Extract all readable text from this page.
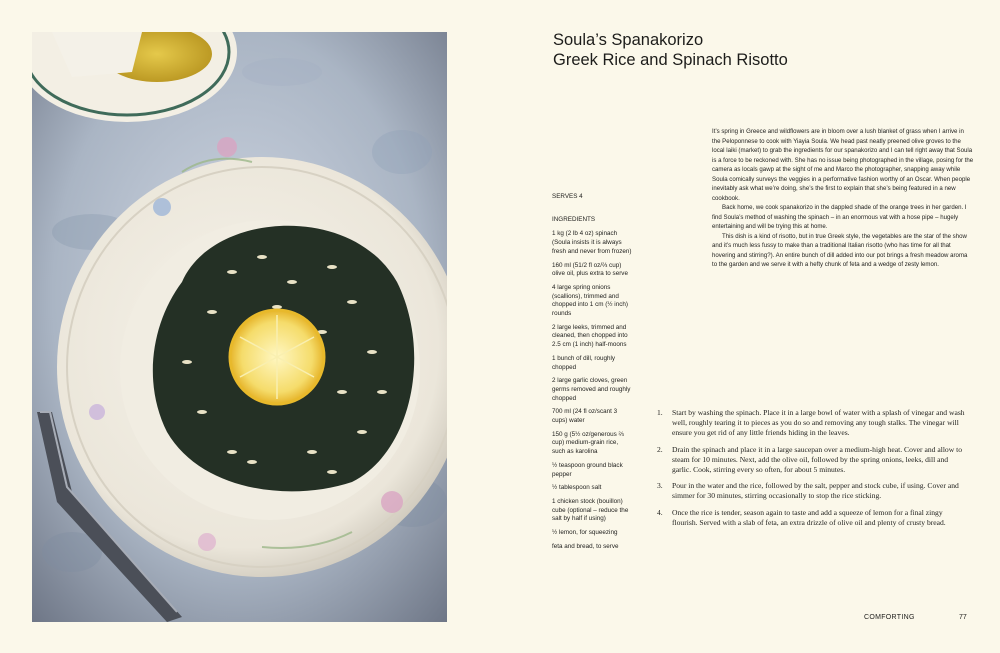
Soula’s Spanakorizo
Greek Rice and Spinach Risotto

It’s spring in Greece and wildflowers are in bloom over a lush blanket of grass when I arrive in the Peloponnese to cook with Yiayia Soula. We head past neatly preened olive groves to the local laiki (market) to grab the ingredients for our spanakorizo and I can tell right away that Soula is a force to be reckoned with. She has no issue being photographed in the village, posing for the camera as locals gawp at the sight of me and Marco the photographer, snapping away while Soula comically surveys the veggies in a performative fashion worthy of an Oscar. When people inevitably ask what we’re doing, she’s the first to explain that she’s being featured in a new cookbook.

Back home, we cook spanakorizo in the dappled shade of the orange trees in her garden. I find Soula’s method of washing the spinach – in an enormous vat with a hose pipe – hugely entertaining and will be trying this at home.

This dish is a kind of risotto, but in true Greek style, the vegetables are the star of the show and it’s much less fussy to make than a traditional Italian risotto (who has time for all that hovering and stirring?). An entire bunch of dill added into our pot brings a fresh meadow aroma to the garden and we serve it with a hefty chunk of feta and a wedge of zesty lemon.

SERVES 4
INGREDIENTS
1 kg (2 lb 4 oz) spinach (Soula insists it is always fresh and never from frozen)
160 ml (51/2 fl oz/⅔ cup) olive oil, plus extra to serve
4 large spring onions (scallions), trimmed and chopped into 1 cm (½ inch) rounds
2 large leeks, trimmed and cleaned, then chopped into 2.5 cm (1 inch) half-moons
1 bunch of dill, roughly chopped
2 large garlic cloves, green germs removed and roughly chopped
700 ml (24 fl oz/scant 3 cups) water
150 g (5½ oz/generous ⅔ cup) medium-grain rice, such as karolina
½ teaspoon ground black pepper
½ tablespoon salt
1 chicken stock (bouillon) cube (optional – reduce the salt by half if using)
½ lemon, for squeezing
feta and bread, to serve
1. Start by washing the spinach. Place it in a large bowl of water with a splash of vinegar and wash well, roughly tearing it to pieces as you do so and removing any tough stalks. The vinegar will ensure you get rid of any little friends hiding in the leaves.
2. Drain the spinach and place it in a large saucepan over a medium-high heat. Cover and allow to steam for 10 minutes. Next, add the olive oil, followed by the spring onions, leeks, dill and garlic. Cook, stirring every so often, for about 5 minutes.
3. Pour in the water and the rice, followed by the salt, pepper and stock cube, if using. Cover and simmer for 30 minutes, stirring occasionally to stop the rice sticking.
4. Once the rice is tender, season again to taste and add a squeeze of lemon for a final zingy flourish. Served with a slab of feta, an extra drizzle of olive oil and plenty of crusty bread.
COMFORTING	77
